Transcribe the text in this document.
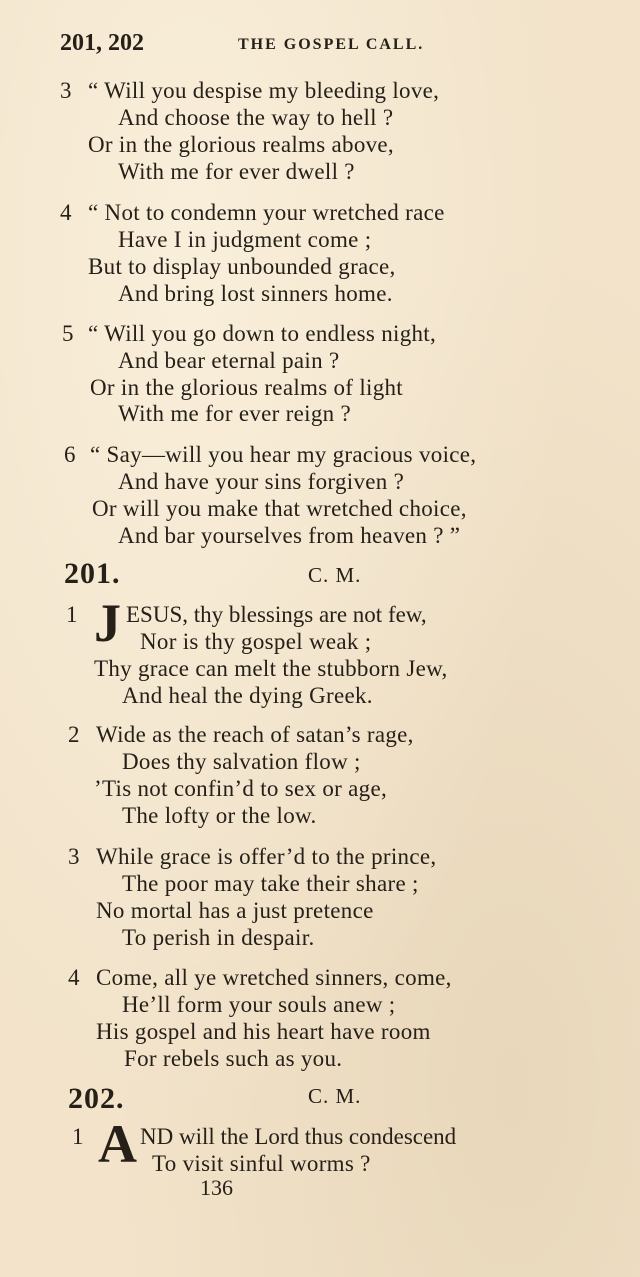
201, 202	THE GOSPEL CALL.
3 “ Will you despise my bleeding love,
And choose the way to hell ?
Or in the glorious realms above,
With me for ever dwell ?
4 “ Not to condemn your wretched race
Have I in judgment come ;
But to display unbounded grace,
And bring lost sinners home.
5 “ Will you go down to endless night,
And bear eternal pain ?
Or in the glorious realms of light
With me for ever reign ?
6 “ Say—will you hear my gracious voice,
And have your sins forgiven ?
Or will you make that wretched choice,
And bar yourselves from heaven ? ”
201.	C. M.
1 J ESUS, thy blessings are not few,
Nor is thy gospel weak ;
Thy grace can melt the stubborn Jew,
And heal the dying Greek.
2 Wide as the reach of satan’s rage,
Does thy salvation flow ;
’Tis not confin’d to sex or age,
The lofty or the low.
3 While grace is offer’d to the prince,
The poor may take their share ;
No mortal has a just pretence
To perish in despair.
4 Come, all ye wretched sinners, come,
He’ll form your souls anew ;
His gospel and his heart have room
For rebels such as you.
202.	C. M.
1 A ND will the Lord thus condescend
To visit sinful worms ?
136
